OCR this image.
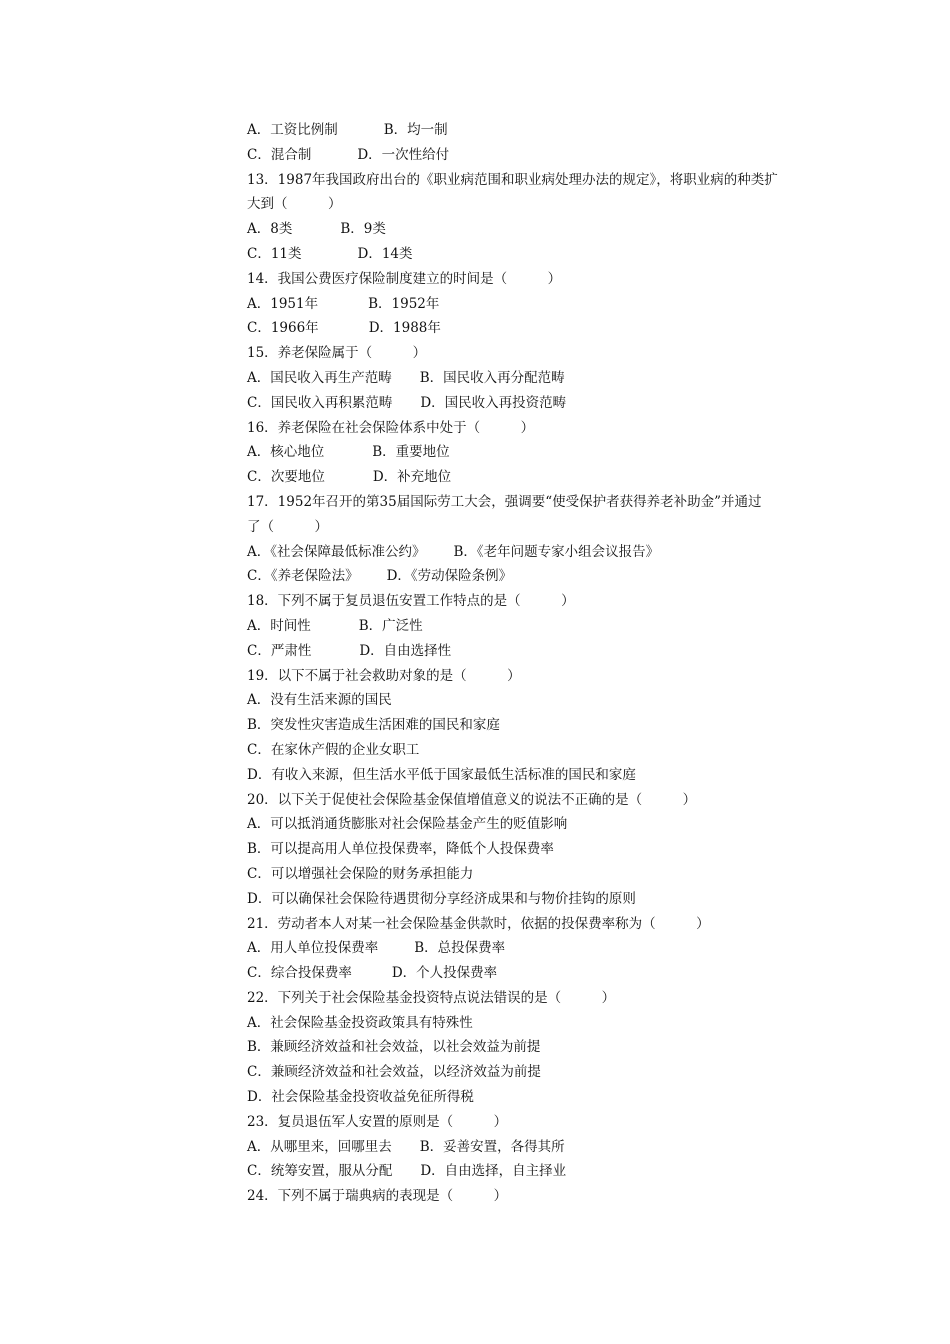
A．工资比例制	B．均一制
C．混合制	D．一次性给付
13．1987年我国政府出台的《职业病范围和职业病处理办法的规定》，将职业病的种类扩
大到（　　　）
A．8类	B．9类
C．11类	D．14类
14．我国公费医疗保险制度建立的时间是（　　　）
A．1951年	B．1952年
C．1966年	D．1988年
15．养老保险属于（　　　）
A．国民收入再生产范畴 B．国民收入再分配范畴
C．国民收入再积累范畴 D．国民收入再投资范畴
16．养老保险在社会保险体系中处于（　　　）
A．核心地位	B．重要地位
C．次要地位	D．补充地位
17．1952年召开的第35届国际劳工大会，强调要“使受保护者获得养老补助金”并通过
了（　　　）
A．《社会保障最低标准公约》 B．《老年问题专家小组会议报告》
C．《养老保险法》 D．《劳动保险条例》
18．下列不属于复员退伍安置工作特点的是（　　　）
A．时间性	B．广泛性
C．严肃性	D．自由选择性
19．以下不属于社会救助对象的是（　　　）
A．没有生活来源的国民
B．突发性灾害造成生活困难的国民和家庭
C．在家休产假的企业女职工
D．有收入来源，但生活水平低于国家最低生活标准的国民和家庭
20．以下关于促使社会保险基金保值增值意义的说法不正确的是（　　　）
A．可以抵消通货膨胀对社会保险基金产生的贬值影响
B．可以提高用人单位投保费率，降低个人投保费率
C．可以增强社会保险的财务承担能力
D．可以确保社会保险待遇贯彻分享经济成果和与物价挂钩的原则
21．劳动者本人对某一社会保险基金供款时，依据的投保费率称为（　　　）
A．用人单位投保费率	B．总投保费率
C．综合投保费率	D．个人投保费率
22．下列关于社会保险基金投资特点说法错误的是（　　　）
A．社会保险基金投资政策具有特殊性
B．兼顾经济效益和社会效益，以社会效益为前提
C．兼顾经济效益和社会效益，以经济效益为前提
D．社会保险基金投资收益免征所得税
23．复员退伍军人安置的原则是（　　　）
A．从哪里来，回哪里去 B．妥善安置，各得其所
C．统筹安置，服从分配 D．自由选择，自主择业
24．下列不属于瑞典病的表现是（　　　）
